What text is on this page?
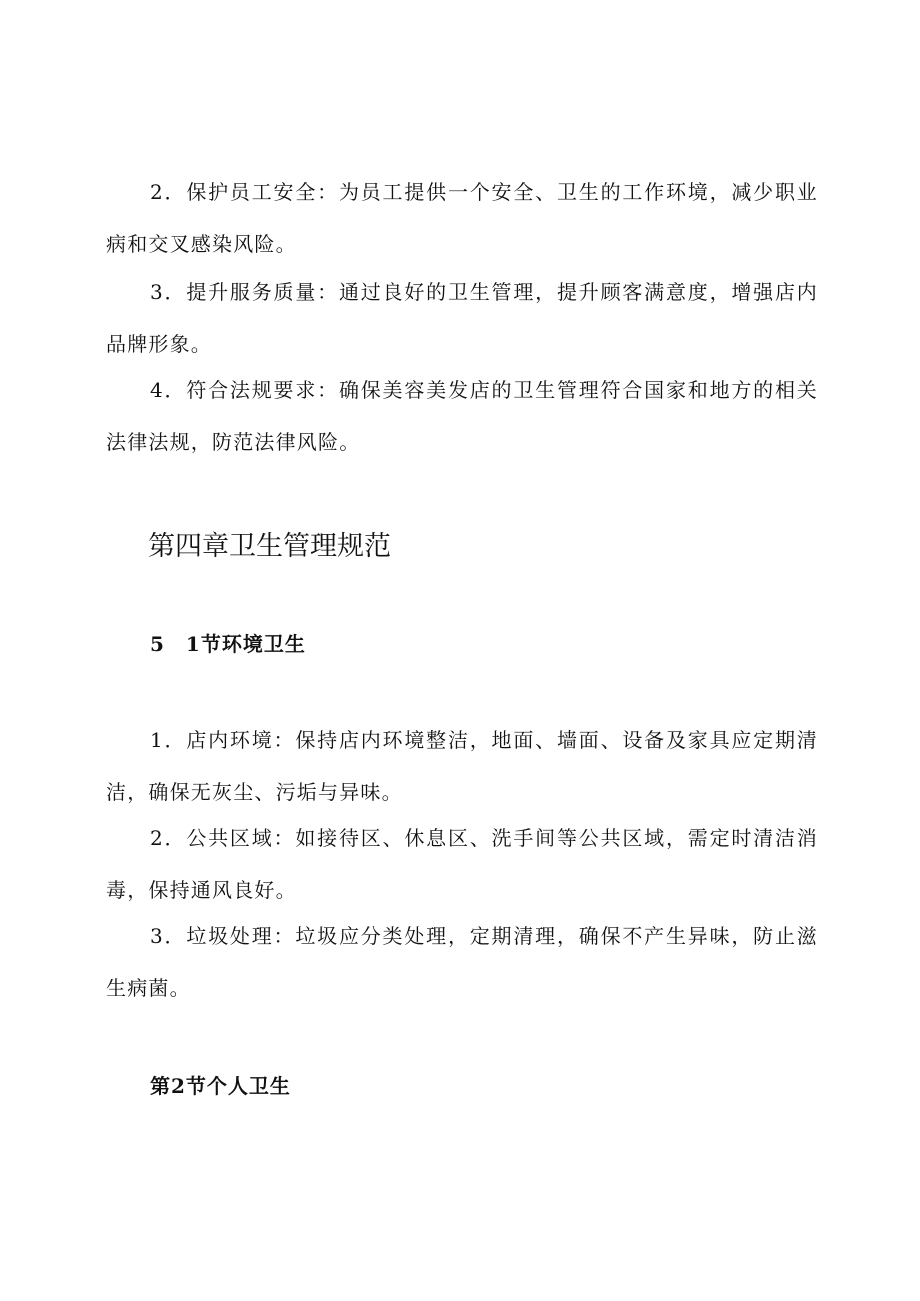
2．保护员工安全：为员工提供一个安全、卫生的工作环境，减少职业病和交叉感染风险。

3．提升服务质量：通过良好的卫生管理，提升顾客满意度，增强店内品牌形象。

4．符合法规要求：确保美容美发店的卫生管理符合国家和地方的相关法律法规，防范法律风险。

第四章卫生管理规范
5　1节环境卫生

1．店内环境：保持店内环境整洁，地面、墙面、设备及家具应定期清洁，确保无灰尘、污垢与异味。

2．公共区域：如接待区、休息区、洗手间等公共区域，需定时清洁消毒，保持通风良好。

3．垃圾处理：垃圾应分类处理，定期清理，确保不产生异味，防止滋生病菌。

第2节个人卫生
